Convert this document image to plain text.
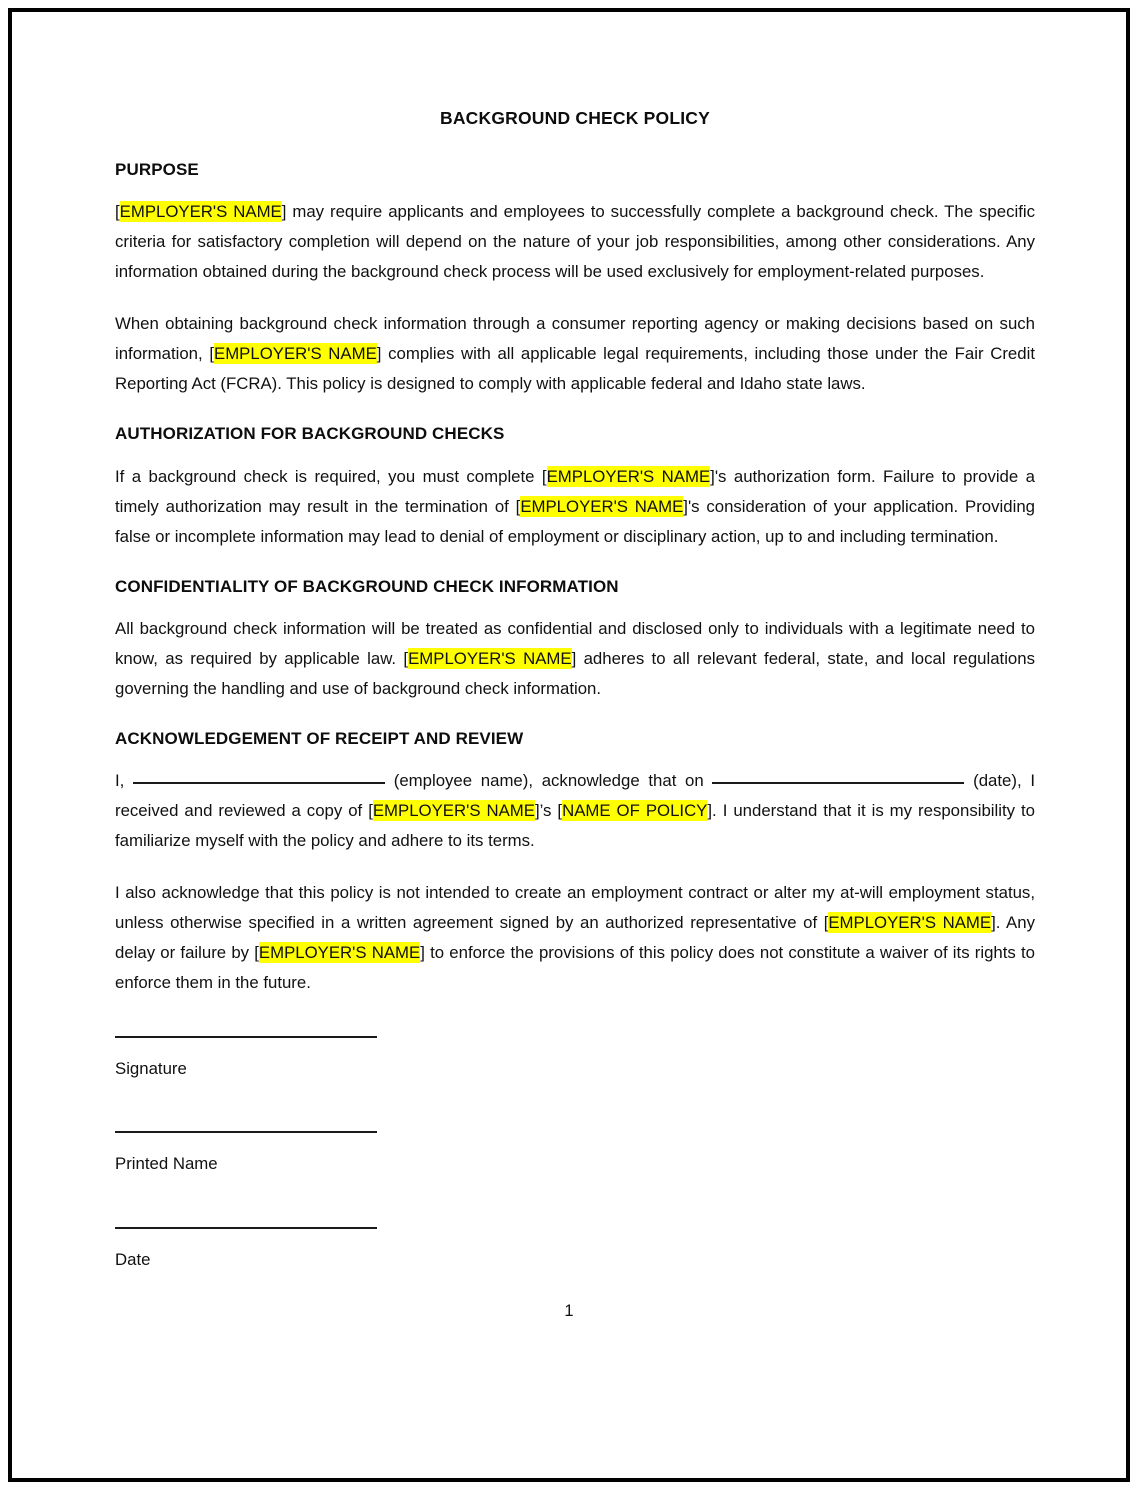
BACKGROUND CHECK POLICY
PURPOSE

[EMPLOYER'S NAME] may require applicants and employees to successfully complete a background check. The specific criteria for satisfactory completion will depend on the nature of your job responsibilities, among other considerations. Any information obtained during the background check process will be used exclusively for employment-related purposes.

When obtaining background check information through a consumer reporting agency or making decisions based on such information, [EMPLOYER'S NAME] complies with all applicable legal requirements, including those under the Fair Credit Reporting Act (FCRA). This policy is designed to comply with applicable federal and Idaho state laws.

AUTHORIZATION FOR BACKGROUND CHECKS

If a background check is required, you must complete [EMPLOYER'S NAME]'s authorization form. Failure to provide a timely authorization may result in the termination of [EMPLOYER'S NAME]'s consideration of your application. Providing false or incomplete information may lead to denial of employment or disciplinary action, up to and including termination.

CONFIDENTIALITY OF BACKGROUND CHECK INFORMATION

All background check information will be treated as confidential and disclosed only to individuals with a legitimate need to know, as required by applicable law. [EMPLOYER'S NAME] adheres to all relevant federal, state, and local regulations governing the handling and use of background check information.

ACKNOWLEDGEMENT OF RECEIPT AND REVIEW

I,	(employee name), acknowledge that on	(date), I received and reviewed a copy of [EMPLOYER'S NAME]’s [NAME OF POLICY]. I understand that it is my responsibility to familiarize myself with the policy and adhere to its terms.

I also acknowledge that this policy is not intended to create an employment contract or alter my at-will employment status, unless otherwise specified in a written agreement signed by an authorized representative of [EMPLOYER'S NAME]. Any delay or failure by [EMPLOYER'S NAME] to enforce the provisions of this policy does not constitute a waiver of its rights to enforce them in the future.

Signature
Printed Name
Date
1
